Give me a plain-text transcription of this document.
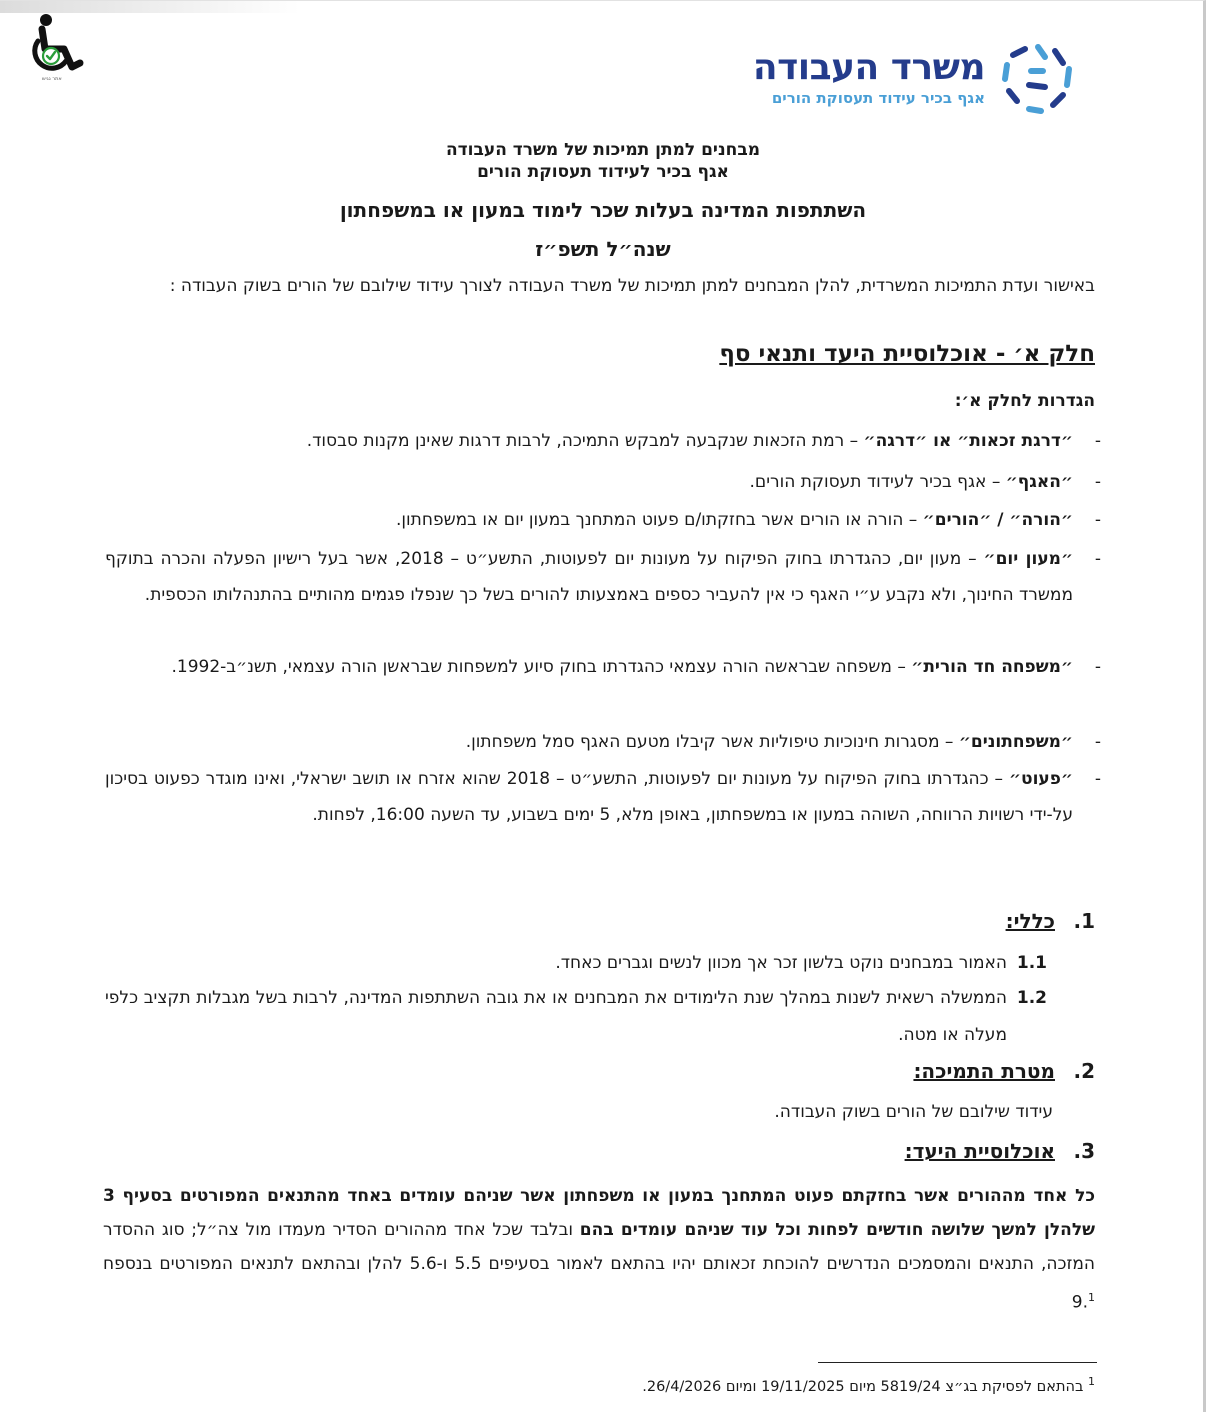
אתר נגיש	משרד העבודה
אגף בכיר עידוד תעסוקת הורים
מבחנים למתן תמיכות של משרד העבודה
אגף בכיר לעידוד תעסוקת הורים
השתתפות המדינה בעלות שכר לימוד במעון או במשפחתון
שנה״ל תשפ״ז
באישור ועדת התמיכות המשרדית, להלן המבחנים למתן תמיכות של משרד העבודה לצורך עידוד שילובם של הורים בשוק העבודה :
חלק א׳ - אוכלוסיית היעד ותנאי סף
הגדרות לחלק א׳:
-
״דרגת זכאות״ או ״דרגה״ – רמת הזכאות שנקבעה למבקש התמיכה, לרבות דרגות שאינן מקנות סבסוד.
-
״האגף״ – אגף בכיר לעידוד תעסוקת הורים.
-
״הורה״ / ״הורים״ – הורה או הורים אשר בחזקתו/ם פעוט המתחנך במעון יום או במשפחתון.
-
״מעון יום״ – מעון יום, כהגדרתו בחוק הפיקוח על מעונות יום לפעוטות, התשע״ט – 2018, אשר בעל רישיון הפעלה והכרה בתוקף ממשרד החינוך, ולא נקבע ע״י האגף כי אין להעביר כספים באמצעותו להורים בשל כך שנפלו פגמים מהותיים בהתנהלותו הכספית.
-
״משפחה חד הורית״ – משפחה שבראשה הורה עצמאי כהגדרתו בחוק סיוע למשפחות שבראשן הורה עצמאי, תשנ״ב-1992.
-
״משפחתונים״ – מסגרות חינוכיות טיפוליות אשר קיבלו מטעם האגף סמל משפחתון.
-
״פעוט״ – כהגדרתו בחוק הפיקוח על מעונות יום לפעוטות, התשע״ט – 2018 שהוא אזרח או תושב ישראלי, ואינו מוגדר כפעוט בסיכון על-ידי רשויות הרווחה, השוהה במעון או במשפחתון, באופן מלא, 5 ימים בשבוע, עד השעה 16:00, לפחות.
1.כללי:
1.1
האמור במבחנים נוקט בלשון זכר אך מכוון לנשים וגברים כאחד.
1.2
הממשלה רשאית לשנות במהלך שנת הלימודים את המבחנים או את גובה השתתפות המדינה, לרבות בשל מגבלות תקציב כלפי מעלה או מטה.
2.מטרת התמיכה:
עידוד שילובם של הורים בשוק העבודה.
3.אוכלוסיית היעד:
כל אחד מההורים אשר בחזקתם פעוט המתחנך במעון או משפחתון אשר שניהם עומדים באחד מהתנאים המפורטים בסעיף 3 שלהלן למשך שלושה חודשים לפחות וכל עוד שניהם עומדים בהם ובלבד שכל אחד מההורים הסדיר מעמדו מול צה״ל; סוג ההסדר המזכה, התנאים והמסמכים הנדרשים להוכחת זכאותם יהיו בהתאם לאמור בסעיפים 5.5 ו-5.6 להלן ובהתאם לתנאים המפורטים בנספח 9.$^1$
$^1$ בהתאם לפסיקת בג״צ 5819/24 מיום 19/11/2025 ומיום 26/4/2026.
